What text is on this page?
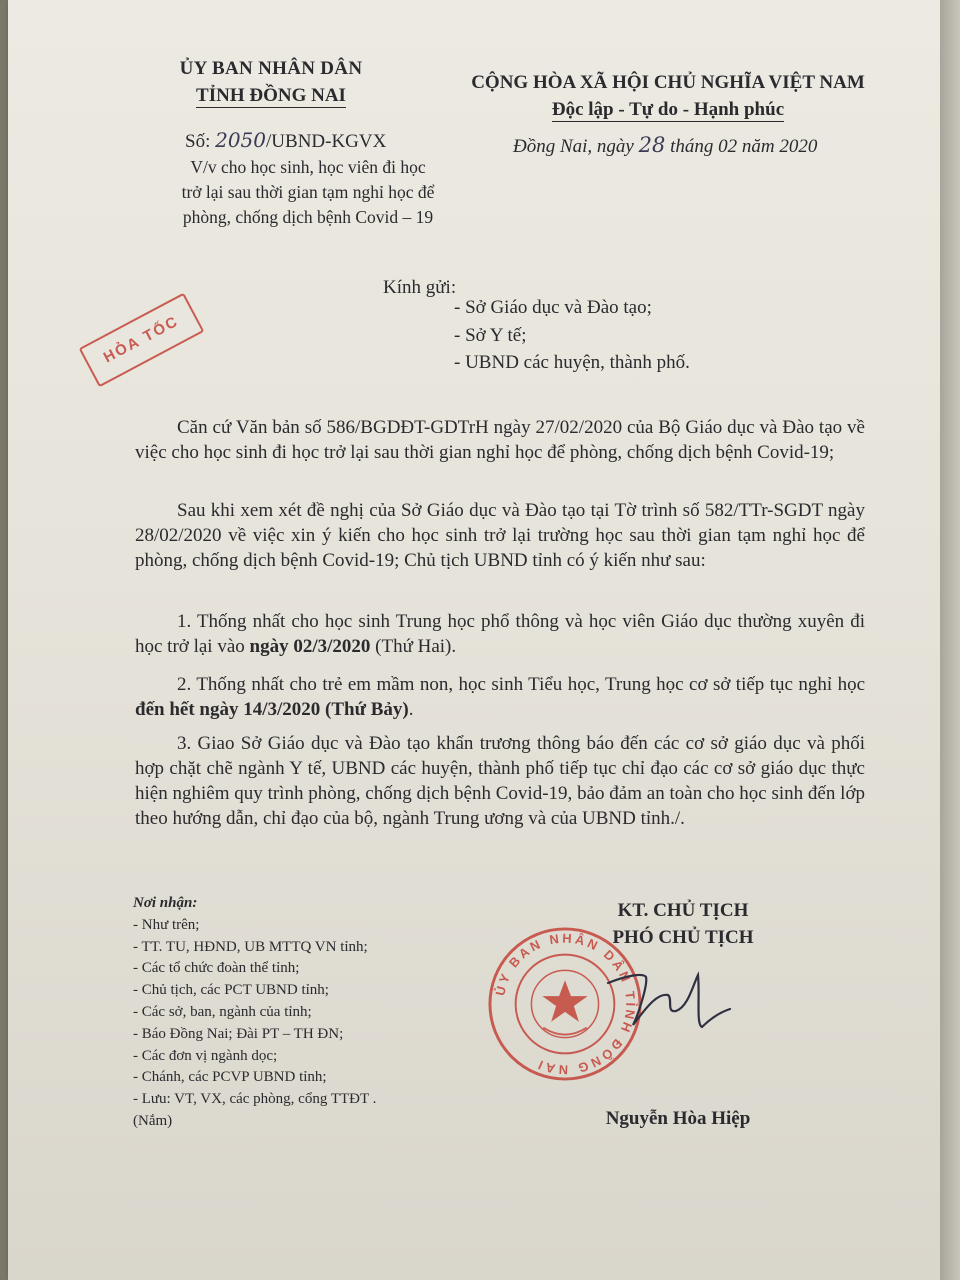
ỦY BAN NHÂN DÂN
TỈNH ĐỒNG NAI
CỘNG HÒA XÃ HỘI CHỦ NGHĨA VIỆT NAM
Độc lập - Tự do - Hạnh phúc
Số: 2050/UBND-KGVX
V/v cho học sinh, học viên đi học
trở lại sau thời gian tạm nghỉ học để
phòng, chống dịch bệnh Covid – 19
Đồng Nai, ngày 28 tháng 02 năm 2020
HỎA TỐC
Kính gửi:
- Sở Giáo dục và Đào tạo;
- Sở Y tế;
- UBND các huyện, thành phố.

Căn cứ Văn bản số 586/BGDĐT-GDTrH ngày 27/02/2020 của Bộ Giáo dục và Đào tạo về việc cho học sinh đi học trở lại sau thời gian nghỉ học để phòng, chống dịch bệnh Covid-19;

Sau khi xem xét đề nghị của Sở Giáo dục và Đào tạo tại Tờ trình số 582/TTr-SGDT ngày 28/02/2020 về việc xin ý kiến cho học sinh trở lại trường học sau thời gian tạm nghỉ học để phòng, chống dịch bệnh Covid-19; Chủ tịch UBND tỉnh có ý kiến như sau:

1. Thống nhất cho học sinh Trung học phổ thông và học viên Giáo dục thường xuyên đi học trở lại vào ngày 02/3/2020 (Thứ Hai).

2. Thống nhất cho trẻ em mầm non, học sinh Tiểu học, Trung học cơ sở tiếp tục nghỉ học đến hết ngày 14/3/2020 (Thứ Bảy).

3. Giao Sở Giáo dục và Đào tạo khẩn trương thông báo đến các cơ sở giáo dục và phối hợp chặt chẽ ngành Y tế, UBND các huyện, thành phố tiếp tục chỉ đạo các cơ sở giáo dục thực hiện nghiêm quy trình phòng, chống dịch bệnh Covid-19, bảo đảm an toàn cho học sinh đến lớp theo hướng dẫn, chỉ đạo của bộ, ngành Trung ương và của UBND tỉnh./.

Nơi nhận:
- Như trên;
- TT. TU, HĐND, UB MTTQ VN tỉnh;
- Các tổ chức đoàn thể tỉnh;
- Chủ tịch, các PCT UBND tỉnh;
- Các sở, ban, ngành của tỉnh;
- Báo Đồng Nai; Đài PT – TH ĐN;
- Các đơn vị ngành dọc;
- Chánh, các PCVP UBND tỉnh;
- Lưu: VT, VX, các phòng, cổng TTĐT .
(Nắm)
KT. CHỦ TỊCH
PHÓ CHỦ TỊCH
ỦY BAN NHÂN DÂN TỈNH ĐỒNG NAI
Nguyễn Hòa Hiệp
